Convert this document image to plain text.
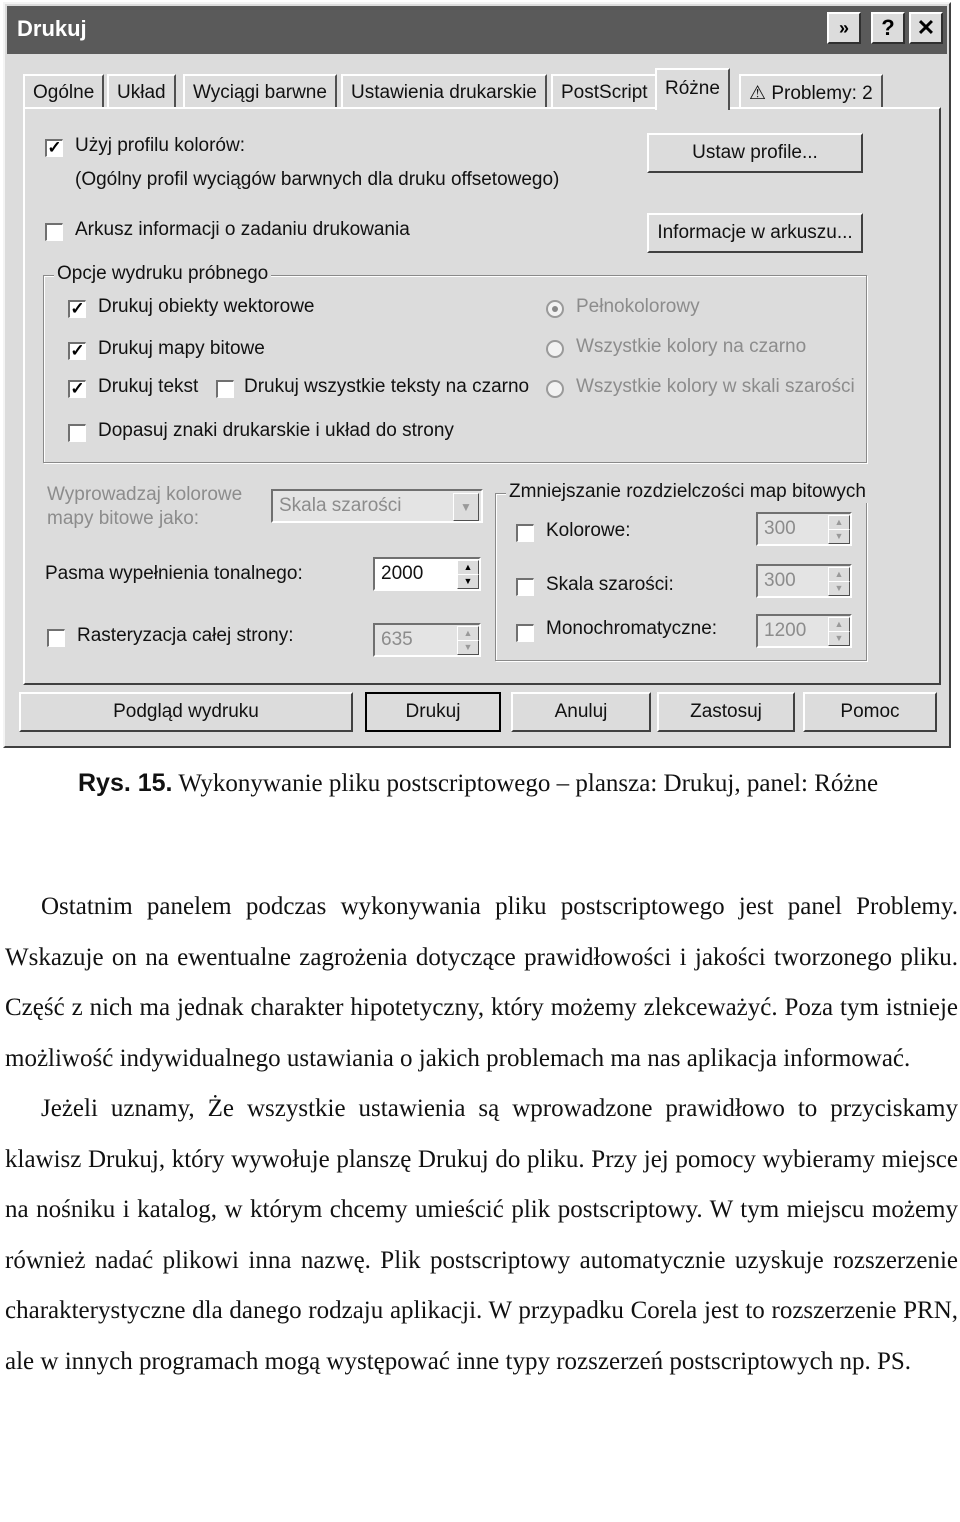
Drukuj	»	?	✕
Ogólne	Układ	Wyciągi barwne	Ustawienia drukarskie	PostScript Różne	⚠ Problemy: 2
✓ Użyj profilu kolorów:
(Ogólny profil wyciągów barwnych dla druku offsetowego)
Ustaw profile...
Arkusz informacji o zadaniu drukowania	Informacje w arkuszu...
Opcje wydruku próbnego
✓ Drukuj obiekty wektorowe
✓ Drukuj mapy bitowe
✓ Drukuj tekst Drukuj wszystkie teksty na czarno
Dopasuj znaki drukarskie i układ do strony
Pełnokolorowy
Wszystkie kolory na czarno
Wszystkie kolory w skali szarości
Wyprowadzaj kolorowe
mapy bitowe jako:
Skala szarości	▼
Pasma wypełnienia tonalnego:	2000	▲
▼
Rasteryzacja całej strony:	635	▲
▼
Zmniejszanie rozdzielczości map bitowych
Kolorowe:	300	▲
▼
Skala szarości:	300	▲
▼
Monochromatyczne:	1200	▲
▼
Podgląd wydruku	Drukuj	Anuluj	Zastosuj	Pomoc
Rys. 15. Wykonywanie pliku postscriptowego – plansza: Drukuj, panel: Różne

Ostatnim panelem podczas wykonywania pliku postscriptowego jest panel Problemy. Wskazuje on na ewentualne zagrożenia dotyczące prawidłowości i jakości tworzonego pliku. Część z nich ma jednak charakter hipotetyczny, który możemy zlekceważyć. Poza tym istnieje możliwość indywidualnego ustawiania o jakich problemach ma nas aplikacja informować.

Jeżeli uznamy, Że wszystkie ustawienia są wprowadzone prawidłowo to przyciskamy klawisz Drukuj, który wywołuje planszę Drukuj do pliku. Przy jej pomocy wybieramy miejsce na nośniku i katalog, w którym chcemy umieścić plik postscriptowy. W tym miejscu możemy również nadać plikowi inna nazwę. Plik postscriptowy automatycznie uzyskuje rozszerzenie charakterystyczne dla danego rodzaju aplikacji. W przypadku Corela jest to rozszerzenie PRN, ale w innych programach mogą występować inne typy rozszerzeń postscriptowych np. PS.
